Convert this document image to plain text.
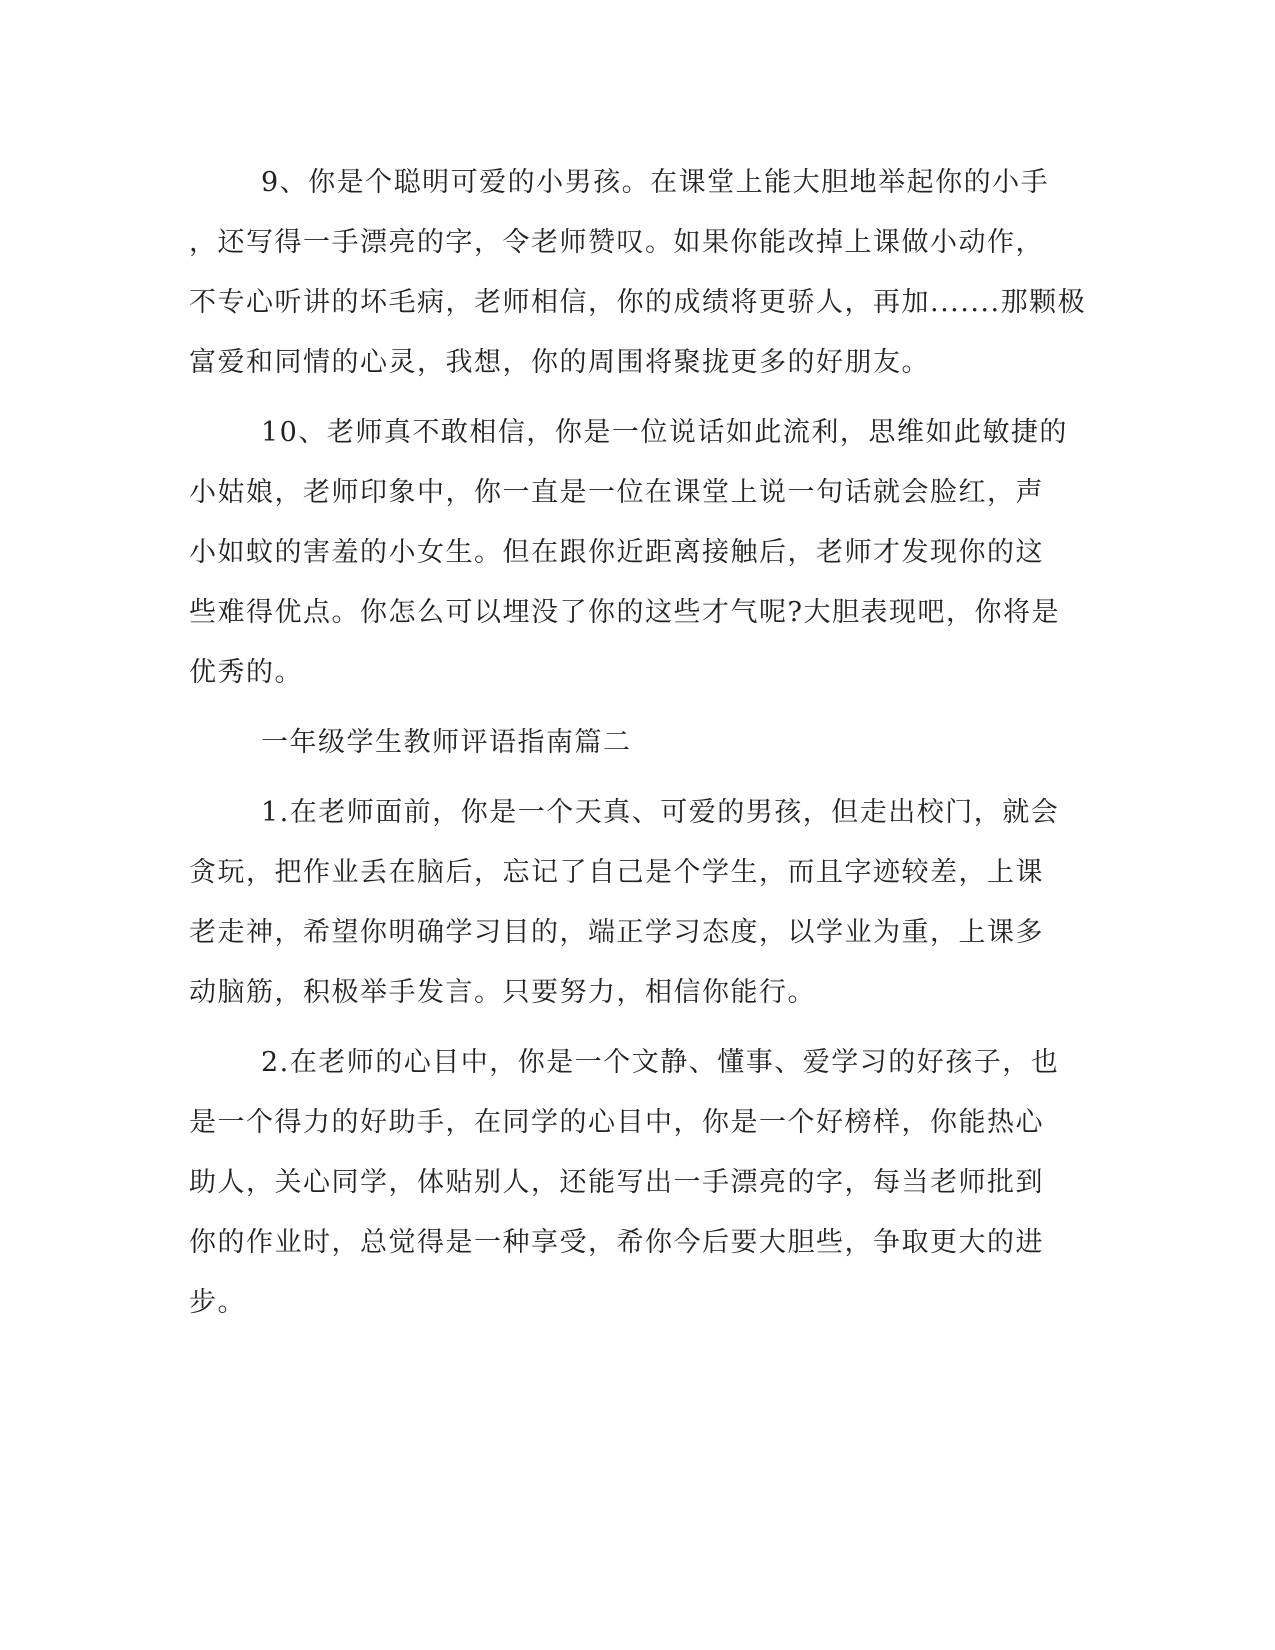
9、你是个聪明可爱的小男孩。在课堂上能大胆地举起你的小手
，还写得一手漂亮的字，令老师赞叹。如果你能改掉上课做小动作，
不专心听讲的坏毛病，老师相信，你的成绩将更骄人，再加.......那颗极
富爱和同情的心灵，我想，你的周围将聚拢更多的好朋友。
10、老师真不敢相信，你是一位说话如此流利，思维如此敏捷的
小姑娘，老师印象中，你一直是一位在课堂上说一句话就会脸红，声
小如蚊的害羞的小女生。但在跟你近距离接触后，老师才发现你的这
些难得优点。你怎么可以埋没了你的这些才气呢?大胆表现吧，你将是
优秀的。
一年级学生教师评语指南篇二
1.在老师面前，你是一个天真、可爱的男孩，但走出校门，就会
贪玩，把作业丢在脑后，忘记了自己是个学生，而且字迹较差，上课
老走神，希望你明确学习目的，端正学习态度，以学业为重，上课多
动脑筋，积极举手发言。只要努力，相信你能行。
2.在老师的心目中，你是一个文静、懂事、爱学习的好孩子，也
是一个得力的好助手，在同学的心目中，你是一个好榜样，你能热心
助人，关心同学，体贴别人，还能写出一手漂亮的字，每当老师批到
你的作业时，总觉得是一种享受，希你今后要大胆些，争取更大的进
步。
